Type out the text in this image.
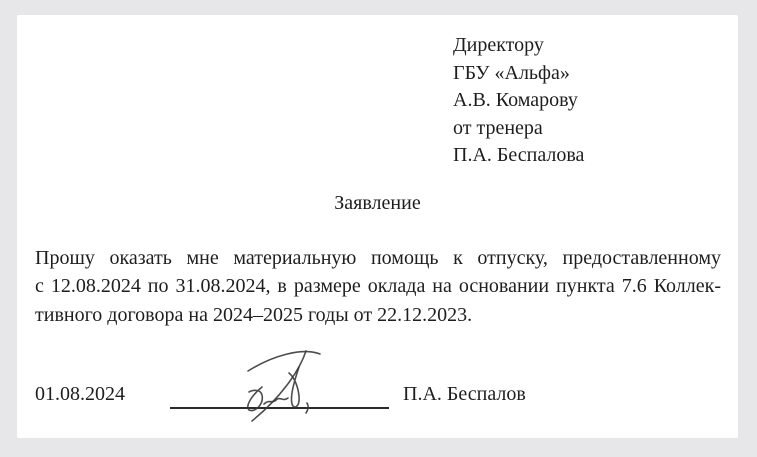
Директору
ГБУ «Альфа»
А.В. Комарову
от тренера
П.А. Беспалова
Заявление
Прошу оказать мне материальную помощь к отпуску, предоставленному
с 12.08.2024 по 31.08.2024, в размере оклада на основании пункта 7.6 Коллек-
тивного договора на 2024–2025 годы от 22.12.2023.
01.08.2024	П.А. Беспалов
